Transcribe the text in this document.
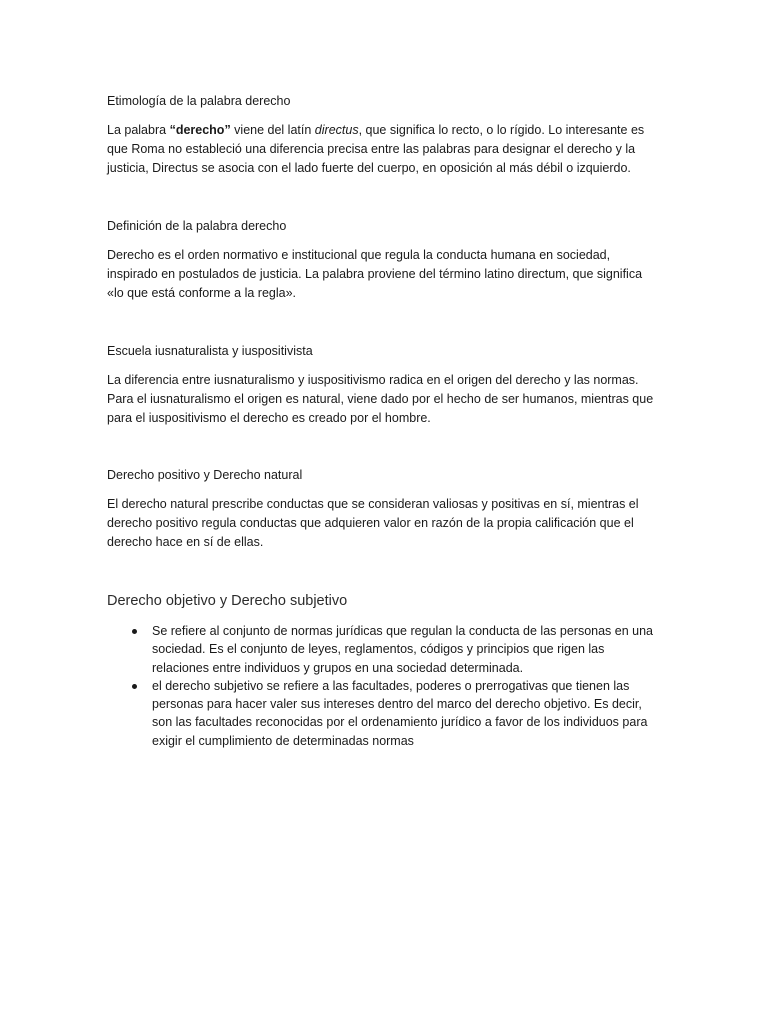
Etimología de la palabra derecho

La palabra “derecho” viene del latín directus, que significa lo recto, o lo rígido. Lo interesante es
que Roma no estableció una diferencia precisa entre las palabras para designar el derecho y la
justicia, Directus se asocia con el lado fuerte del cuerpo, en oposición al más débil o izquierdo.

Definición de la palabra derecho

Derecho es el orden normativo e institucional que regula la conducta humana en sociedad,
inspirado en postulados de justicia. La palabra proviene del término latino directum, que significa
«lo que está conforme a la regla».

Escuela iusnaturalista y iuspositivista

La diferencia entre iusnaturalismo y iuspositivismo radica en el origen del derecho y las normas.
Para el iusnaturalismo el origen es natural, viene dado por el hecho de ser humanos, mientras que
para el iuspositivismo el derecho es creado por el hombre.

Derecho positivo y Derecho natural

El derecho natural prescribe conductas que se consideran valiosas y positivas en sí, mientras el
derecho positivo regula conductas que adquieren valor en razón de la propia calificación que el
derecho hace en sí de ellas.

Derecho objetivo y Derecho subjetivo
Se refiere al conjunto de normas jurídicas que regulan la conducta de las personas en una
sociedad. Es el conjunto de leyes, reglamentos, códigos y principios que rigen las
relaciones entre individuos y grupos en una sociedad determinada.
el derecho subjetivo se refiere a las facultades, poderes o prerrogativas que tienen las
personas para hacer valer sus intereses dentro del marco del derecho objetivo. Es decir,
son las facultades reconocidas por el ordenamiento jurídico a favor de los individuos para
exigir el cumplimiento de determinadas normas
